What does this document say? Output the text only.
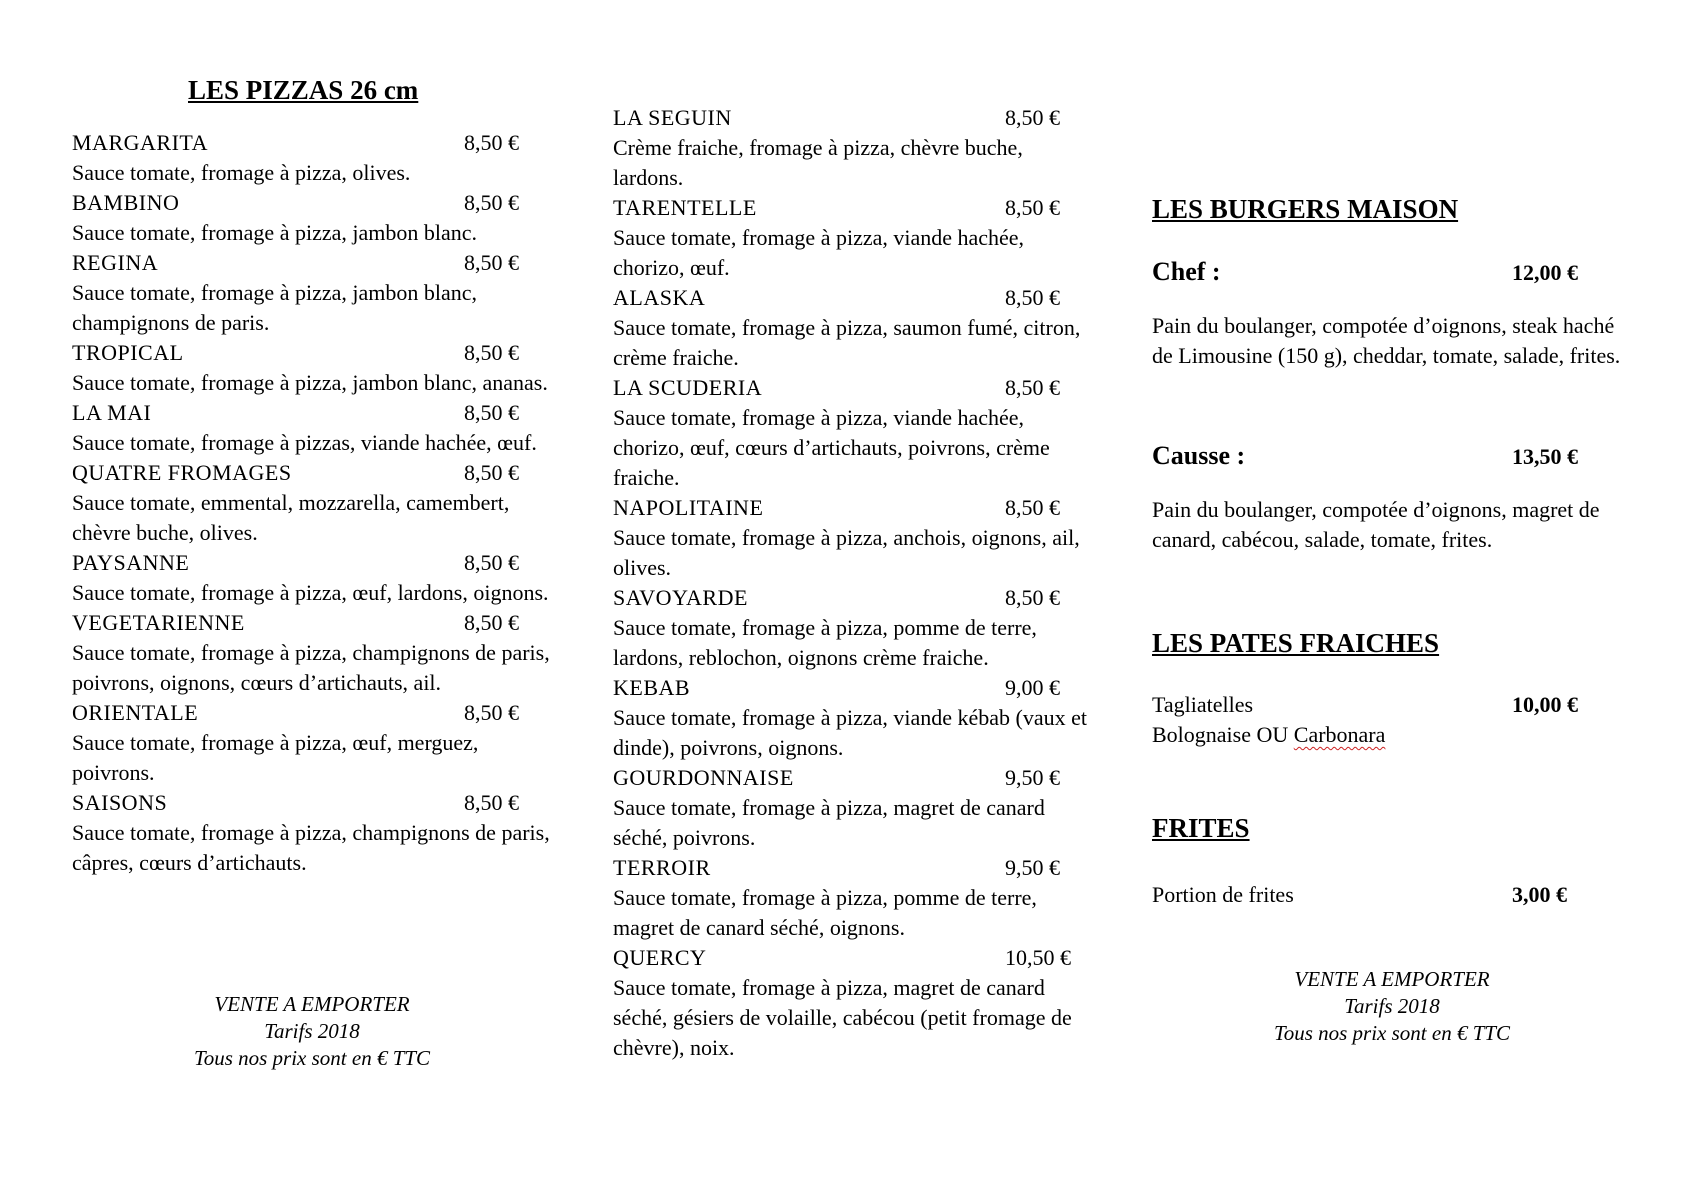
LES PIZZAS 26 cm
MARGARITA	8,50 €
Sauce tomate, fromage à pizza, olives.
BAMBINO	8,50 €
Sauce tomate, fromage à pizza, jambon blanc.
REGINA	8,50 €
Sauce tomate, fromage à pizza, jambon blanc, champignons de paris.
TROPICAL	8,50 €
Sauce tomate, fromage à pizza, jambon blanc, ananas.
LA MAI	8,50 €
Sauce tomate, fromage à pizzas, viande hachée, œuf.
QUATRE FROMAGES	8,50 €
Sauce tomate, emmental, mozzarella, camembert, chèvre buche, olives.
PAYSANNE	8,50 €
Sauce tomate, fromage à pizza, œuf, lardons, oignons.
VEGETARIENNE	8,50 €
Sauce tomate, fromage à pizza, champignons de paris, poivrons, oignons, cœurs d’artichauts, ail.
ORIENTALE	8,50 €
Sauce tomate, fromage à pizza, œuf, merguez, poivrons.
SAISONS	8,50 €
Sauce tomate, fromage à pizza, champignons de paris, câpres, cœurs d’artichauts.
VENTE A EMPORTER
Tarifs 2018
Tous nos prix sont en € TTC
LA SEGUIN	8,50 €
Crème fraiche, fromage à pizza, chèvre buche, lardons.
TARENTELLE	8,50 €
Sauce tomate, fromage à pizza, viande hachée, chorizo, œuf.
ALASKA	8,50 €
Sauce tomate, fromage à pizza, saumon fumé, citron, crème fraiche.
LA SCUDERIA	8,50 €
Sauce tomate, fromage à pizza, viande hachée, chorizo, œuf, cœurs d’artichauts, poivrons, crème fraiche.
NAPOLITAINE	8,50 €
Sauce tomate, fromage à pizza, anchois, oignons, ail, olives.
SAVOYARDE	8,50 €
Sauce tomate, fromage à pizza, pomme de terre, lardons, reblochon, oignons crème fraiche.
KEBAB	9,00 €
Sauce tomate, fromage à pizza, viande kébab (vaux et dinde), poivrons, oignons.
GOURDONNAISE	9,50 €
Sauce tomate, fromage à pizza, magret de canard séché, poivrons.
TERROIR	9,50 €
Sauce tomate, fromage à pizza, pomme de terre, magret de canard séché, oignons.
QUERCY	10,50 €
Sauce tomate, fromage à pizza, magret de canard séché, gésiers de volaille, cabécou (petit fromage de chèvre), noix.
LES BURGERS MAISON
Chef :	12,00 €
Pain du boulanger, compotée d’oignons, steak haché de Limousine (150 g), cheddar, tomate, salade, frites.
Causse :	13,50 €
Pain du boulanger, compotée d’oignons, magret de canard, cabécou, salade, tomate, frites.
LES PATES FRAICHES
Tagliatelles	10,00 €
Bolognaise OU Carbonara
FRITES
Portion de frites	3,00 €
VENTE A EMPORTER
Tarifs 2018
Tous nos prix sont en € TTC
